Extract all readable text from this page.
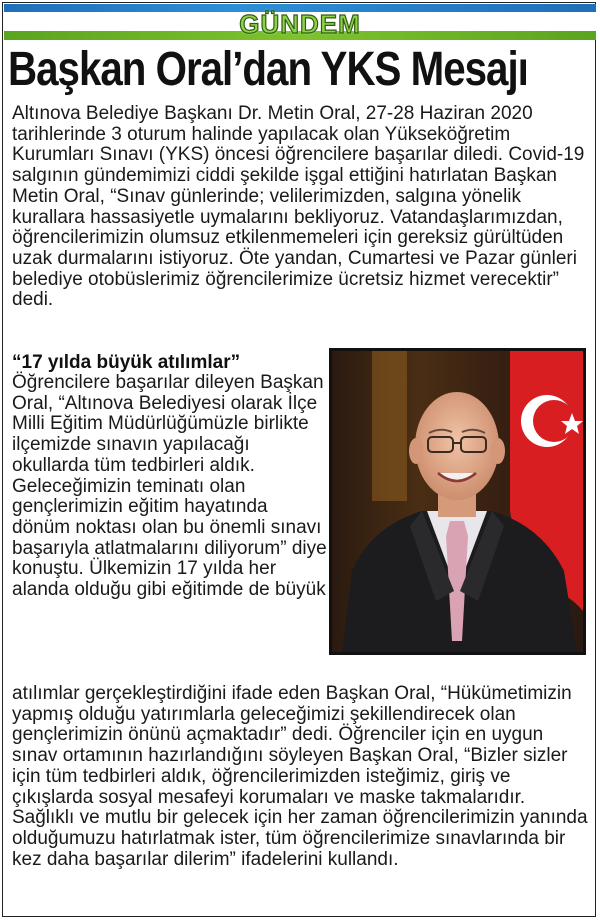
GÜNDEM
Başkan Oral’dan YKS Mesajı

Altınova Belediye Başkanı Dr. Metin Oral, 27-28 Haziran 2020 tarihlerinde 3 oturum halinde yapılacak olan Yükseköğretim Kurumları Sınavı (YKS) öncesi öğrencilere başarılar diledi. Covid-19 salgının gündemimizi ciddi şekilde işgal ettiğini hatırlatan Başkan Metin Oral, “Sınav günlerinde; velilerimizden, salgına yönelik kurallara hassasiyetle uymalarını bekliyoruz. Vatandaşlarımızdan, öğrencilerimizin olumsuz etkilenmemeleri için gereksiz gürültüden uzak durmalarını istiyoruz. Öte yandan, Cumartesi ve Pazar günleri belediye otobüslerimiz öğrencilerimize ücretsiz hizmet verecektir” dedi.

“17 yılda büyük atılımlar”

Öğrencilere başarılar dileyen Başkan Oral, “Altınova Belediyesi olarak İlçe Milli Eğitim Müdürlüğümüzle birlikte ilçemizde sınavın yapılacağı okullarda tüm tedbirleri aldık. Geleceğimizin teminatı olan gençlerimizin eğitim hayatında dönüm noktası olan bu önemli sınavı başarıyla atlatmalarını diliyorum” diye konuştu. Ülkemizin 17 yılda her alanda olduğu gibi eğitimde de büyük

atılımlar gerçekleştirdiğini ifade eden Başkan Oral, “Hükümetimizin yapmış olduğu yatırımlarla geleceğimizi şekillendirecek olan gençlerimizin önünü açmaktadır” dedi. Öğrenciler için en uygun sınav ortamının hazırlandığını söyleyen Başkan Oral, “Bizler sizler için tüm tedbirleri aldık, öğrencilerimizden isteğimiz, giriş ve çıkışlarda sosyal mesafeyi korumaları ve maske takmalarıdır. Sağlıklı ve mutlu bir gelecek için her zaman öğrencilerimizin yanında olduğumuzu hatırlatmak ister, tüm öğrencilerimize sınavlarında bir kez daha başarılar dilerim” ifadelerini kullandı.
